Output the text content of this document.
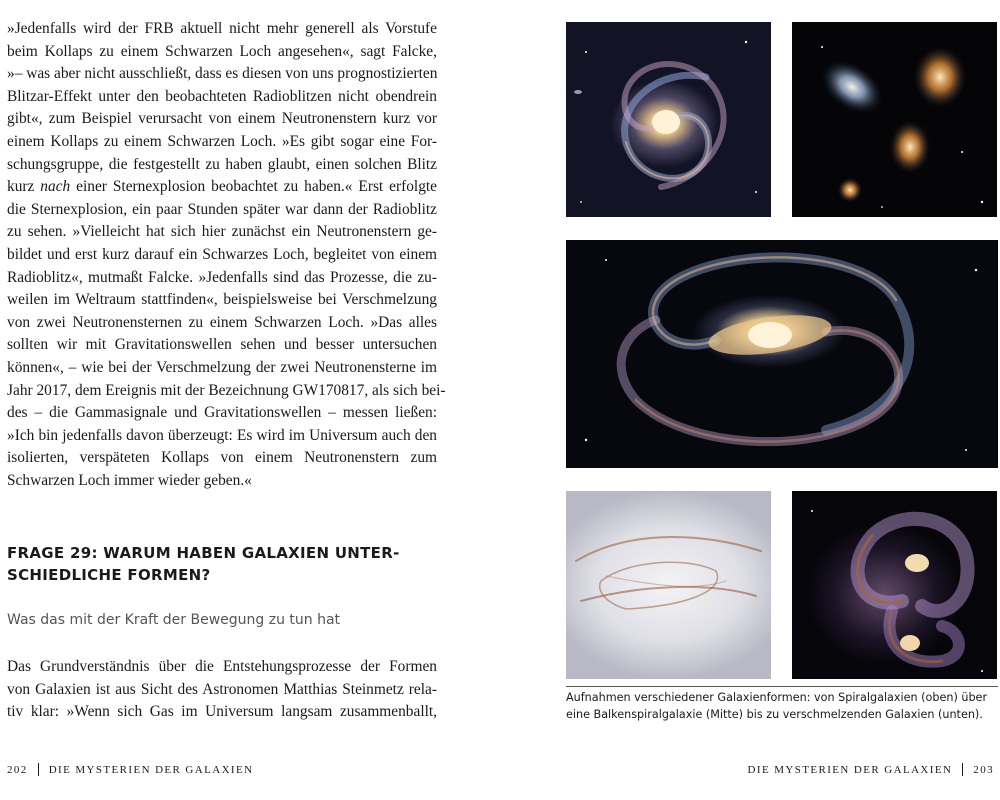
»Jedenfalls wird der FRB aktuell nicht mehr generell als Vorstufe
beim Kollaps zu einem Schwarzen Loch angesehen«, sagt Falcke,
»– was aber nicht ausschließt, dass es diesen von uns prognostizierten
Blitzar-Effekt unter den beobachteten Radioblitzen nicht obendrein
gibt«, zum Beispiel verursacht von einem Neutronenstern kurz vor
einem Kollaps zu einem Schwarzen Loch. »Es gibt sogar eine For-
schungsgruppe, die festgestellt zu haben glaubt, einen solchen Blitz
kurz nach einer Sternexplosion beobachtet zu haben.« Erst erfolgte
die Sternexplosion, ein paar Stunden später war dann der Radioblitz
zu sehen. »Vielleicht hat sich hier zunächst ein Neutronenstern ge-
bildet und erst kurz darauf ein Schwarzes Loch, begleitet von einem
Radioblitz«, mutmaßt Falcke. »Jedenfalls sind das Prozesse, die zu-
weilen im Weltraum stattfinden«, beispielsweise bei Verschmelzung
von zwei Neutronensternen zu einem Schwarzen Loch. »Das alles
sollten wir mit Gravitationswellen sehen und besser untersuchen
können«, – wie bei der Verschmelzung der zwei Neutronensterne im
Jahr 2017, dem Ereignis mit der Bezeichnung GW170817, als sich bei-
des – die Gammasignale und Gravitationswellen – messen ließen:
»Ich bin jedenfalls davon überzeugt: Es wird im Universum auch den
isolierten, verspäteten Kollaps von einem Neutronenstern zum
Schwarzen Loch immer wieder geben.«

FRAGE 29: WARUM HABEN GALAXIEN UNTER-
SCHIEDLICHE FORMEN?

Was das mit der Kraft der Bewegung zu tun hat

Das Grundverständnis über die Entstehungsprozesse der Formen
von Galaxien ist aus Sicht des Astronomen Matthias Steinmetz rela-
tiv klar: »Wenn sich Gas im Universum langsam zusammenballt,

202 DIE MYSTERIEN DER GALAXIEN

Aufnahmen verschiedener Galaxienformen: von Spiralgalaxien (oben) über
eine Balkenspiralgalaxie (Mitte) bis zu verschmelzenden Galaxien (unten).

DIE MYSTERIEN DER GALAXIEN 203
